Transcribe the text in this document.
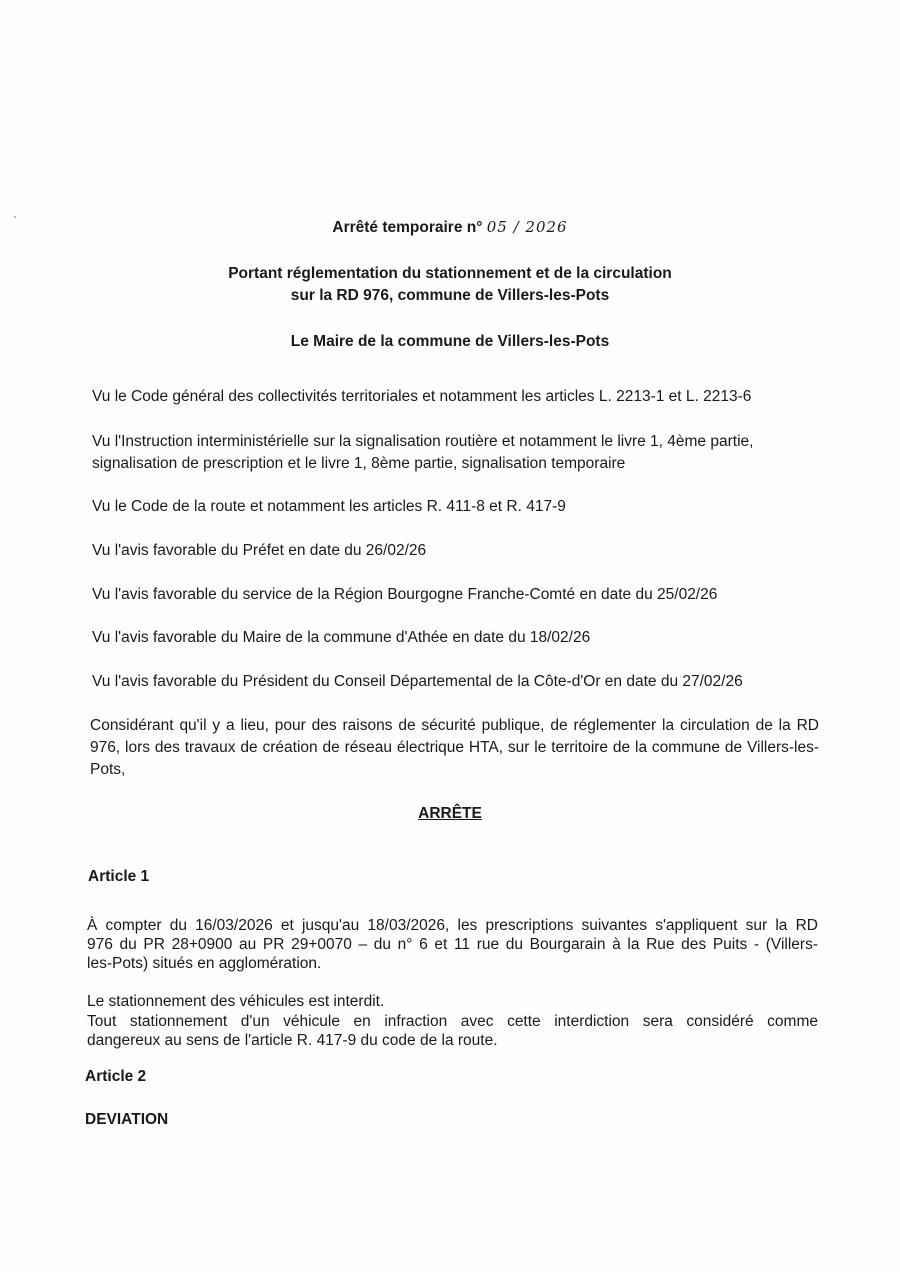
Arrêté temporaire n° 05 / 2026
Portant réglementation du stationnement et de la circulation
sur la RD 976, commune de Villers-les-Pots
Le Maire de la commune de Villers-les-Pots
Vu le Code général des collectivités territoriales et notamment les articles L. 2213-1 et L. 2213-6
Vu l'Instruction interministérielle sur la signalisation routière et notamment le livre 1, 4ème partie,
signalisation de prescription et le livre 1, 8ème partie, signalisation temporaire
Vu le Code de la route et notamment les articles R. 411-8 et R. 417-9
Vu l'avis favorable du Préfet en date du 26/02/26
Vu l'avis favorable du service de la Région Bourgogne Franche-Comté en date du 25/02/26
Vu l'avis favorable du Maire de la commune d'Athée en date du 18/02/26
Vu l'avis favorable du Président du Conseil Départemental de la Côte-d'Or en date du 27/02/26
Considérant qu'il y a lieu, pour des raisons de sécurité publique, de réglementer la circulation de la RD
976, lors des travaux de création de réseau électrique HTA, sur le territoire de la commune de Villers-les-
Pots,
ARRÊTE
Article 1
À compter du 16/03/2026 et jusqu'au 18/03/2026, les prescriptions suivantes s'appliquent sur la RD
976 du PR 28+0900 au PR 29+0070 – du n° 6 et 11 rue du Bourgarain à la Rue des Puits - (Villers-
les-Pots) situés en agglomération.
Le stationnement des véhicules est interdit.
Tout stationnement d'un véhicule en infraction avec cette interdiction sera considéré comme
dangereux au sens de l'article R. 417-9 du code de la route.
Article 2
DEVIATION
